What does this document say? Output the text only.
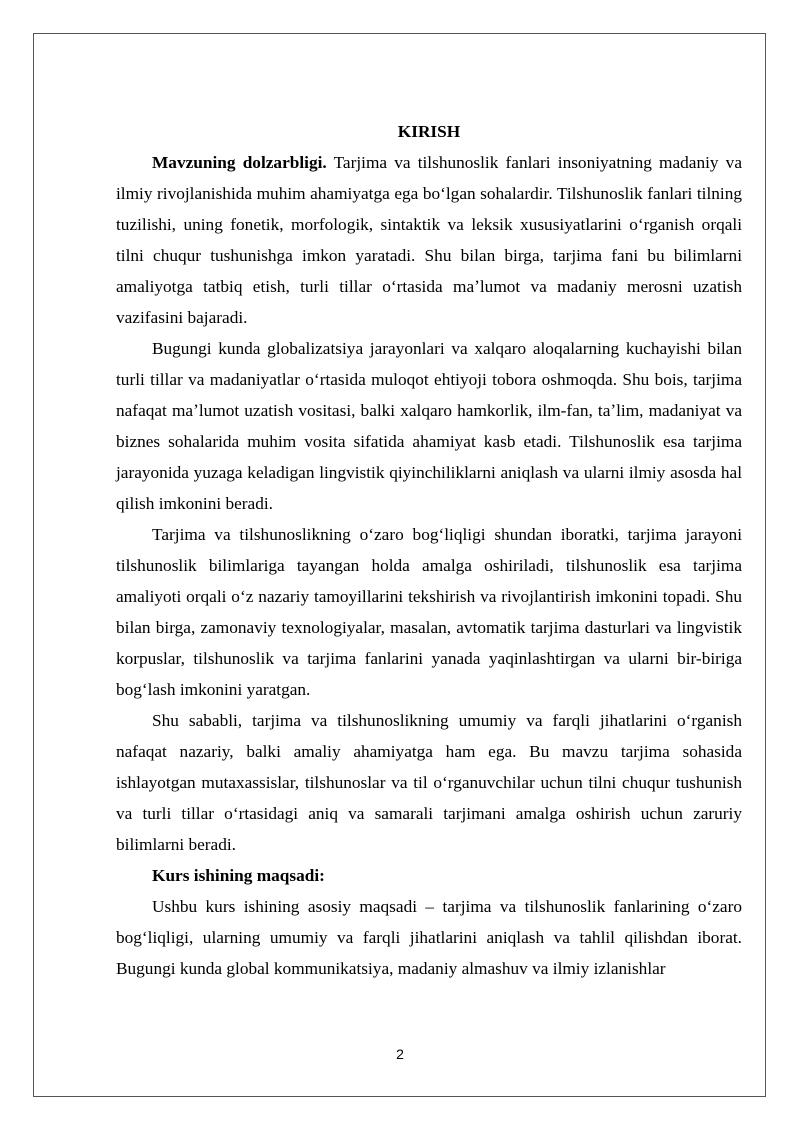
KIRISH

Mavzuning dolzarbligi. Tarjima va tilshunoslik fanlari insoniyatning madaniy va ilmiy rivojlanishida muhim ahamiyatga ega boʻlgan sohalardir. Tilshunoslik fanlari tilning tuzilishi, uning fonetik, morfologik, sintaktik va leksik xususiyatlarini oʻrganish orqali tilni chuqur tushunishga imkon yaratadi. Shu bilan birga, tarjima fani bu bilimlarni amaliyotga tatbiq etish, turli tillar oʻrtasida maʼlumot va madaniy merosni uzatish vazifasini bajaradi.

Bugungi kunda globalizatsiya jarayonlari va xalqaro aloqalarning kuchayishi bilan turli tillar va madaniyatlar oʻrtasida muloqot ehtiyoji tobora oshmoqda. Shu bois, tarjima nafaqat maʼlumot uzatish vositasi, balki xalqaro hamkorlik, ilm-fan, taʼlim, madaniyat va biznes sohalarida muhim vosita sifatida ahamiyat kasb etadi. Tilshunoslik esa tarjima jarayonida yuzaga keladigan lingvistik qiyinchiliklarni aniqlash va ularni ilmiy asosda hal qilish imkonini beradi.

Tarjima va tilshunoslikning oʻzaro bogʻliqligi shundan iboratki, tarjima jarayoni tilshunoslik bilimlariga tayangan holda amalga oshiriladi, tilshunoslik esa tarjima amaliyoti orqali oʻz nazariy tamoyillarini tekshirish va rivojlantirish imkonini topadi. Shu bilan birga, zamonaviy texnologiyalar, masalan, avtomatik tarjima dasturlari va lingvistik korpuslar, tilshunoslik va tarjima fanlarini yanada yaqinlashtirgan va ularni bir-biriga bogʻlash imkonini yaratgan.

Shu sababli, tarjima va tilshunoslikning umumiy va farqli jihatlarini oʻrganish nafaqat nazariy, balki amaliy ahamiyatga ham ega. Bu mavzu tarjima sohasida ishlayotgan mutaxassislar, tilshunoslar va til oʻrganuvchilar uchun tilni chuqur tushunish va turli tillar oʻrtasidagi aniq va samarali tarjimani amalga oshirish uchun zaruriy bilimlarni beradi.

Kurs ishining maqsadi:

Ushbu kurs ishining asosiy maqsadi – tarjima va tilshunoslik fanlarining oʻzaro bogʻliqligi, ularning umumiy va farqli jihatlarini aniqlash va tahlil qilishdan iborat. Bugungi kunda global kommunikatsiya, madaniy almashuv va ilmiy izlanishlar

2
